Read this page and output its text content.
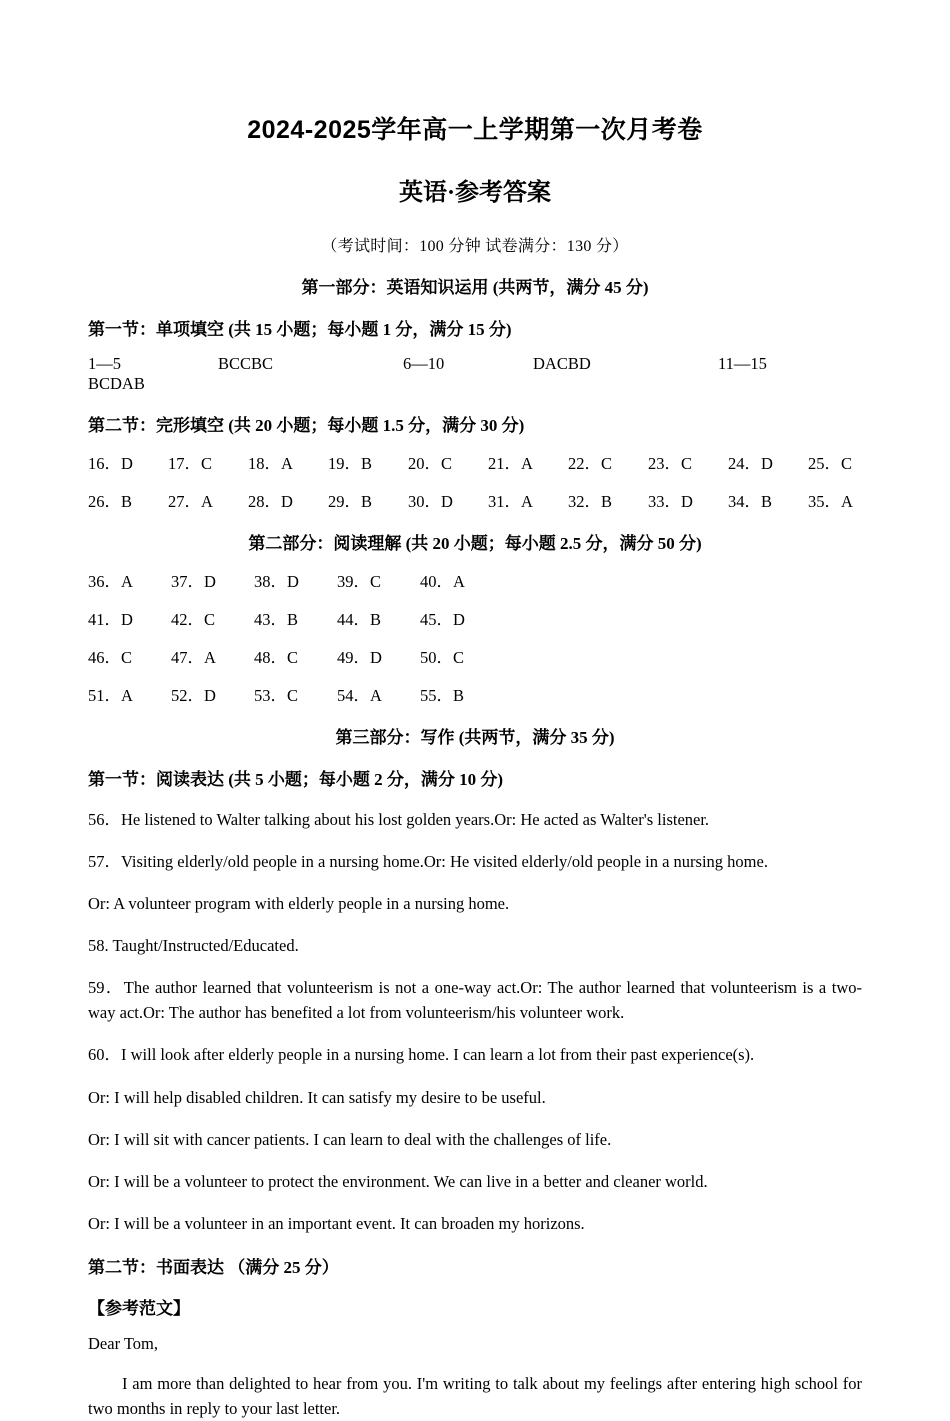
2024-2025学年高一上学期第一次月考卷
英语·参考答案
（考试时间：100 分钟 试卷满分：130 分）
第一部分：英语知识运用 (共两节，满分 45 分)
第一节：单项填空 (共 15 小题；每小题 1 分，满分 15 分)
1—5	BCCBC	6—10	DACBD	11—15BCDAB
第二节：完形填空 (共 20 小题；每小题 1.5 分，满分 30 分)
16．D	17．C	18．A	19．B	20．C	21．A	22．C	23．C	24．D	25．C
26．B	27．A	28．D	29．B	30．D	31．A	32．B	33．D	34．B	35．A
第二部分：阅读理解 (共 20 小题；每小题 2.5 分，满分 50 分)
36．A	37．D	38．D	39．C	40．A
41．D	42．C	43．B	44．B	45．D
46．C	47．A	48．C	49．D	50．C
51．A	52．D	53．C	54．A	55．B
第三部分：写作 (共两节，满分 35 分)
第一节：阅读表达 (共 5 小题；每小题 2 分，满分 10 分)
56．He listened to Walter talking about his lost golden years.Or: He acted as Walter's listener.
57．Visiting elderly/old people in a nursing home.Or: He visited elderly/old people in a nursing home.
Or: A volunteer program with elderly people in a nursing home.
58. Taught/Instructed/Educated.
59．The author learned that volunteerism is not a one-way act.Or: The author learned that volunteerism is a two-way act.Or: The author has benefited a lot from volunteerism/his volunteer work.
60．I will look after elderly people in a nursing home. I can learn a lot from their past experience(s).
Or: I will help disabled children. It can satisfy my desire to be useful.
Or: I will sit with cancer patients. I can learn to deal with the challenges of life.
Or: I will be a volunteer to protect the environment. We can live in a better and cleaner world.
Or: I will be a volunteer in an important event. It can broaden my horizons.
第二节：书面表达 （满分 25 分）
【参考范文】
Dear Tom,
I am more than delighted to hear from you. I'm writing to talk about my feelings after entering high school for two months in reply to your last letter.
